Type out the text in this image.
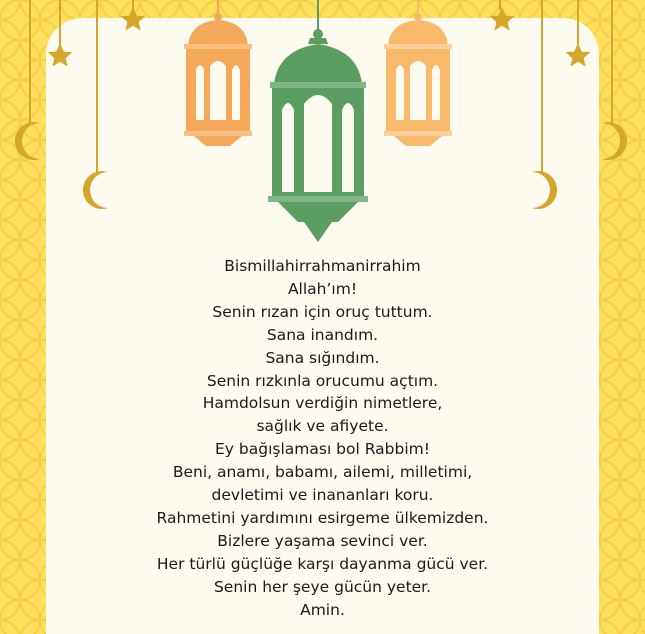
Bismillahirrahmanirrahim
Allah’ım!
Senin rızan için oruç tuttum.
Sana inandım.
Sana sığındım.
Senin rızkınla orucumu açtım.
Hamdolsun verdiğin nimetlere,
sağlık ve afiyete.
Ey bağışlaması bol Rabbim!
Beni, anamı, babamı, ailemi, milletimi,
devletimi ve inananları koru.
Rahmetini yardımını esirgeme ülkemizden.
Bizlere yaşama sevinci ver.
Her türlü güçlüğe karşı dayanma gücü ver.
Senin her şeye gücün yeter.
Amin.
